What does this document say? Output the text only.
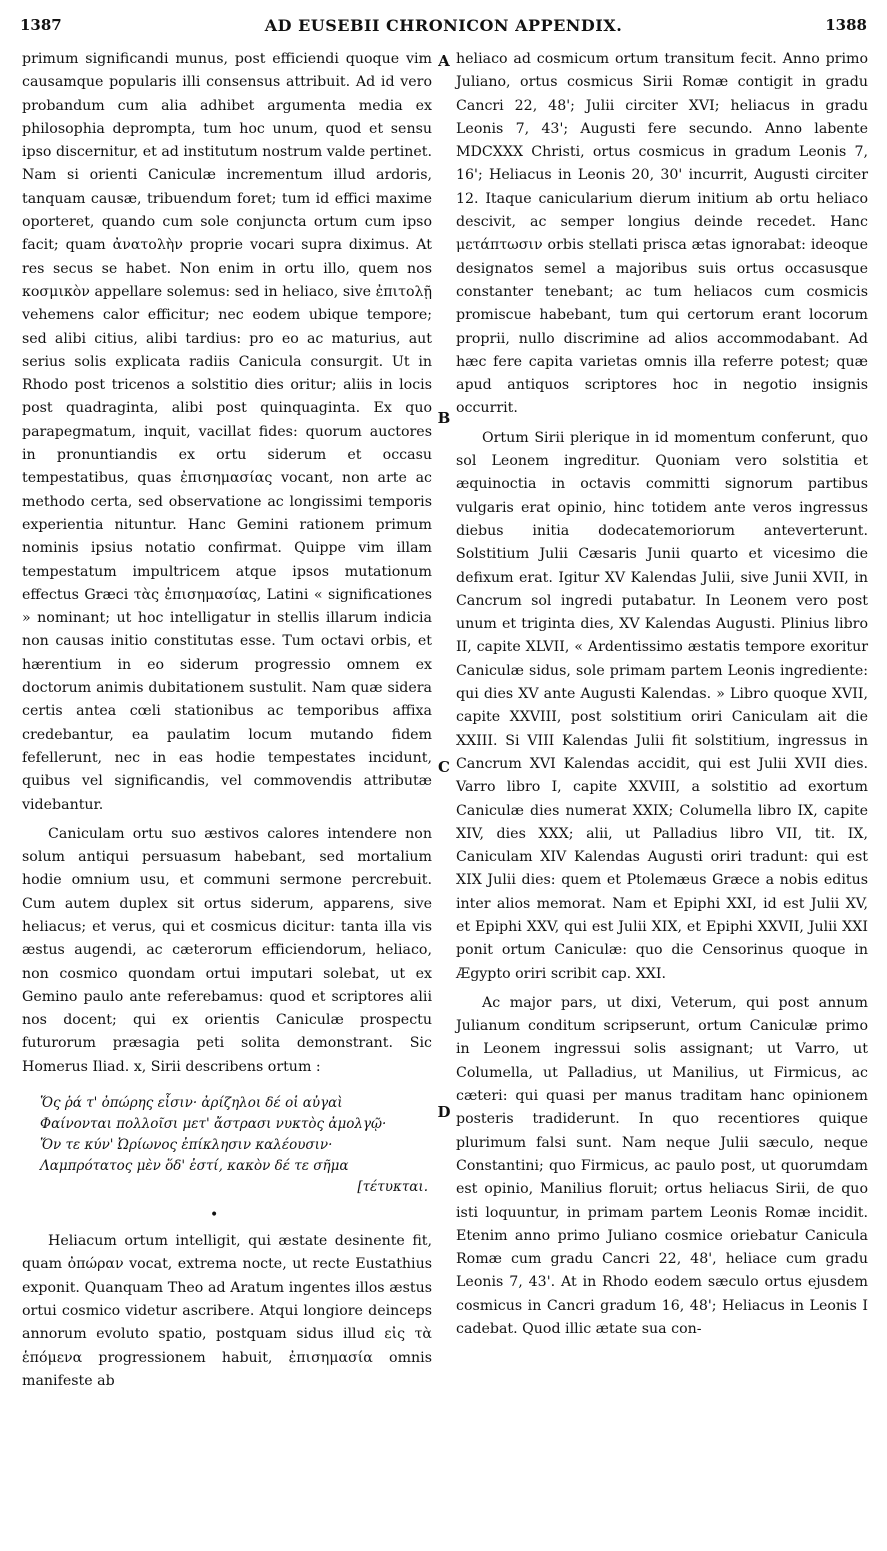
1387	AD EUSEBII CHRONICON APPENDIX.	1388
A
B
C
D

primum significandi munus, post efficiendi quoque vim causamque popularis illi consensus attribuit. Ad id vero probandum cum alia adhibet argumenta media ex philosophia deprompta, tum hoc unum, quod et sensu ipso discernitur, et ad institutum nostrum valde pertinet. Nam si orienti Caniculæ incrementum illud ardoris, tanquam causæ, tribuendum foret; tum id effici maxime oporteret, quando cum sole conjuncta ortum cum ipso facit; quam ἀνατολὴν proprie vocari supra diximus. At res secus se habet. Non enim in ortu illo, quem nos κοσμικὸν appellare solemus: sed in heliaco, sive ἐπιτολῇ vehemens calor efficitur; nec eodem ubique tempore; sed alibi citius, alibi tardius: pro eo ac maturius, aut serius solis explicata radiis Canicula consurgit. Ut in Rhodo post tricenos a solstitio dies oritur; aliis in locis post quadraginta, alibi post quinquaginta. Ex quo parapegmatum, inquit, vacillat fides: quorum auctores in pronuntiandis ex ortu siderum et occasu tempestatibus, quas ἐπισημασίας vocant, non arte ac methodo certa, sed observatione ac longissimi temporis experientia nituntur. Hanc Gemini rationem primum nominis ipsius notatio confirmat. Quippe vim illam tempestatum impultricem atque ipsos mutationum effectus Græci τὰς ἐπισημασίας, Latini « significationes » nominant; ut hoc intelligatur in stellis illarum indicia non causas initio constitutas esse. Tum octavi orbis, et hærentium in eo siderum progressio omnem ex doctorum animis dubitationem sustulit. Nam quæ sidera certis antea cœli stationibus ac temporibus affixa credebantur, ea paulatim locum mutando fidem fefellerunt, nec in eas hodie tempestates incidunt, quibus vel significandis, vel commovendis attributæ videbantur.

Caniculam ortu suo æstivos calores intendere non solum antiqui persuasum habebant, sed mortalium hodie omnium usu, et communi sermone percrebuit. Cum autem duplex sit ortus siderum, apparens, sive heliacus; et verus, qui et cosmicus dicitur: tanta illa vis æstus augendi, ac cæterorum efficiendorum, heliaco, non cosmico quondam ortui imputari solebat, ut ex Gemino paulo ante referebamus: quod et scriptores alii nos docent; qui ex orientis Caniculæ prospectu futurorum præsagia peti solita demonstrant. Sic Homerus Iliad. x, Sirii describens ortum :

Ὅς ῥά τ' ὀπώρης εἶσιν· ἀρίζηλοι δέ οἱ αὐγαὶ
Φαίνονται πολλοῖσι μετ' ἄστρασι νυκτὸς ἀμολγῷ·
Ὅν τε κύν' Ὠρίωνος ἐπίκλησιν καλέουσιν·
Λαμπρότατος μὲν ὅδ' ἐστί, κακὸν δέ τε σῆμα
[τέτυκται.
•

Heliacum ortum intelligit, qui æstate desinente fit, quam ὀπώραν vocat, extrema nocte, ut recte Eustathius exponit. Quanquam Theo ad Aratum ingentes illos æstus ortui cosmico videtur ascribere. Atqui longiore deinceps annorum evoluto spatio, postquam sidus illud εἰς τὰ ἑπόμενα progressionem habuit, ἐπισημασία omnis manifeste ab

heliaco ad cosmicum ortum transitum fecit. Anno primo Juliano, ortus cosmicus Sirii Romæ contigit in gradu Cancri 22, 48'; Julii circiter XVI; heliacus in gradu Leonis 7, 43'; Augusti fere secundo. Anno labente MDCXXX Christi, ortus cosmicus in gradum Leonis 7, 16'; Heliacus in Leonis 20, 30' incurrit, Augusti circiter 12. Itaque canicularium dierum initium ab ortu heliaco descivit, ac semper longius deinde recedet. Hanc μετάπτωσιν orbis stellati prisca ætas ignorabat: ideoque designatos semel a majoribus suis ortus occasusque constanter tenebant; ac tum heliacos cum cosmicis promiscue habebant, tum qui certorum erant locorum proprii, nullo discrimine ad alios accommodabant. Ad hæc fere capita varietas omnis illa referre potest; quæ apud antiquos scriptores hoc in negotio insignis occurrit.

Ortum Sirii plerique in id momentum conferunt, quo sol Leonem ingreditur. Quoniam vero solstitia et æquinoctia in octavis committi signorum partibus vulgaris erat opinio, hinc totidem ante veros ingressus diebus initia dodecatemoriorum anteverterunt. Solstitium Julii Cæsaris Junii quarto et vicesimo die defixum erat. Igitur XV Kalendas Julii, sive Junii XVII, in Cancrum sol ingredi putabatur. In Leonem vero post unum et triginta dies, XV Kalendas Augusti. Plinius libro II, capite XLVII, « Ardentissimo æstatis tempore exoritur Caniculæ sidus, sole primam partem Leonis ingrediente: qui dies XV ante Augusti Kalendas. » Libro quoque XVII, capite XXVIII, post solstitium oriri Caniculam ait die XXIII. Si VIII Kalendas Julii fit solstitium, ingressus in Cancrum XVI Kalendas accidit, qui est Julii XVII dies. Varro libro I, capite XXVIII, a solstitio ad exortum Caniculæ dies numerat XXIX; Columella libro IX, capite XIV, dies XXX; alii, ut Palladius libro VII, tit. IX, Caniculam XIV Kalendas Augusti oriri tradunt: qui est XIX Julii dies: quem et Ptolemæus Græce a nobis editus inter alios memorat. Nam et Epiphi XXI, id est Julii XV, et Epiphi XXV, qui est Julii XIX, et Epiphi XXVII, Julii XXI ponit ortum Caniculæ: quo die Censorinus quoque in Ægypto oriri scribit cap. XXI.

Ac major pars, ut dixi, Veterum, qui post annum Julianum conditum scripserunt, ortum Caniculæ primo in Leonem ingressui solis assignant; ut Varro, ut Columella, ut Palladius, ut Manilius, ut Firmicus, ac cæteri: qui quasi per manus traditam hanc opinionem posteris tradiderunt. In quo recentiores quique plurimum falsi sunt. Nam neque Julii sæculo, neque Constantini; quo Firmicus, ac paulo post, ut quorumdam est opinio, Manilius floruit; ortus heliacus Sirii, de quo isti loquuntur, in primam partem Leonis Romæ incidit. Etenim anno primo Juliano cosmice oriebatur Canicula Romæ cum gradu Cancri 22, 48', heliace cum gradu Leonis 7, 43'. At in Rhodo eodem sæculo ortus ejusdem cosmicus in Cancri gradum 16, 48'; Heliacus in Leonis I cadebat. Quod illic ætate sua con-
